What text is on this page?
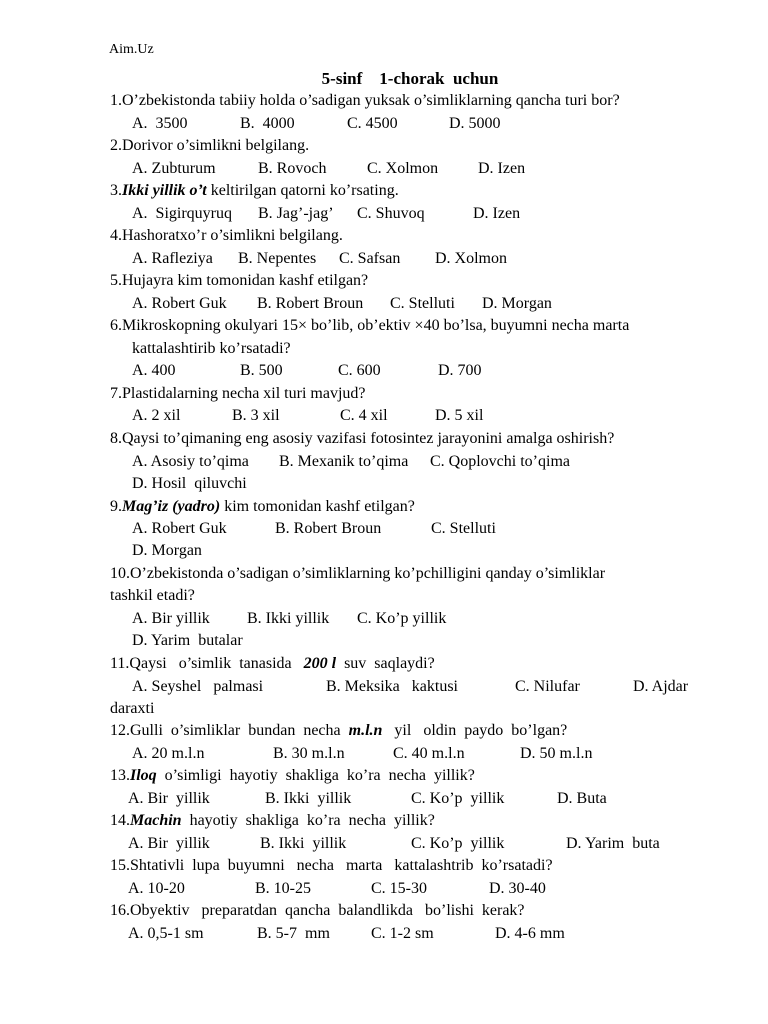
Aim.Uz
5-sinf    1-chorak  uchun
1.O’zbekistonda tabiiy holda o’sadigan yuksak o’simliklarning qancha turi bor?
A.  3500	B.  4000	C. 4500	D. 5000
2.Dorivor o’simlikni belgilang.
A. Zubturum	B. Rovoch	C. Xolmon D. Izen
3.Ikki yillik o’t keltirilgan qatorni ko’rsating.
A.  Sigirquyruq B. Jag’-jag’ C. Shuvoq	D. Izen
4.Hashoratxo’r o’simlikni belgilang.
A. Rafleziya B. Nepentes C. Safsan D. Xolmon
5.Hujayra kim tomonidan kashf etilgan?
A. Robert Guk B. Robert Broun C. Stelluti D. Morgan
6.Mikroskopning okulyari 15× bo’lib, ob’ektiv ×40 bo’lsa, buyumni necha marta
kattalashtirib ko’rsatadi?
A. 400	B. 500	C. 600	D. 700
7.Plastidalarning necha xil turi mavjud?
A. 2 xil	B. 3 xil	C. 4 xil	D. 5 xil
8.Qaysi to’qimaning eng asosiy vazifasi fotosintez jarayonini amalga oshirish?
A. Asosiy to’qima B. Mexanik to’qima C. Qoplovchi to’qima
D. Hosil  qiluvchi
9.Mag’iz (yadro) kim tomonidan kashf etilgan?
A. Robert Guk	B. Robert Broun	C. Stelluti
D. Morgan
10.O’zbekistonda o’sadigan o’simliklarning ko’pchilligini qanday o’simliklar
tashkil etadi?
A. Bir yillik B. Ikki yillik C. Ko’p yillik
D. Yarim  butalar
11.Qaysi   o’simlik  tanasida   200 l  suv  saqlaydi?
A. Seyshel   palmasi	B. Meksika   kaktusi	C. Nilufar	D. Ajdar
daraxti
12.Gulli  o’simliklar  bundan  necha  m.l.n   yil   oldin  paydo  bo’lgan?
A. 20 m.l.n	B. 30 m.l.n	C. 40 m.l.n	D. 50 m.l.n
13.Iloq  o’simligi  hayotiy  shakliga  ko’ra  necha  yillik?
A. Bir  yillik	B. Ikki  yillik	C. Ko’p  yillik	D. Buta
14.Machin  hayotiy  shakliga  ko’ra  necha  yillik?
A. Bir  yillik	B. Ikki  yillik	C. Ko’p  yillik	D. Yarim  buta
15.Shtativli  lupa  buyumni   necha   marta   kattalashtrib  ko’rsatadi?
A. 10-20	B. 10-25	C. 15-30	D. 30-40
16.Obyektiv   preparatdan  qancha  balandlikda   bo’lishi  kerak?
A. 0,5-1 sm	B. 5-7  mm	C. 1-2 sm	D. 4-6 mm
